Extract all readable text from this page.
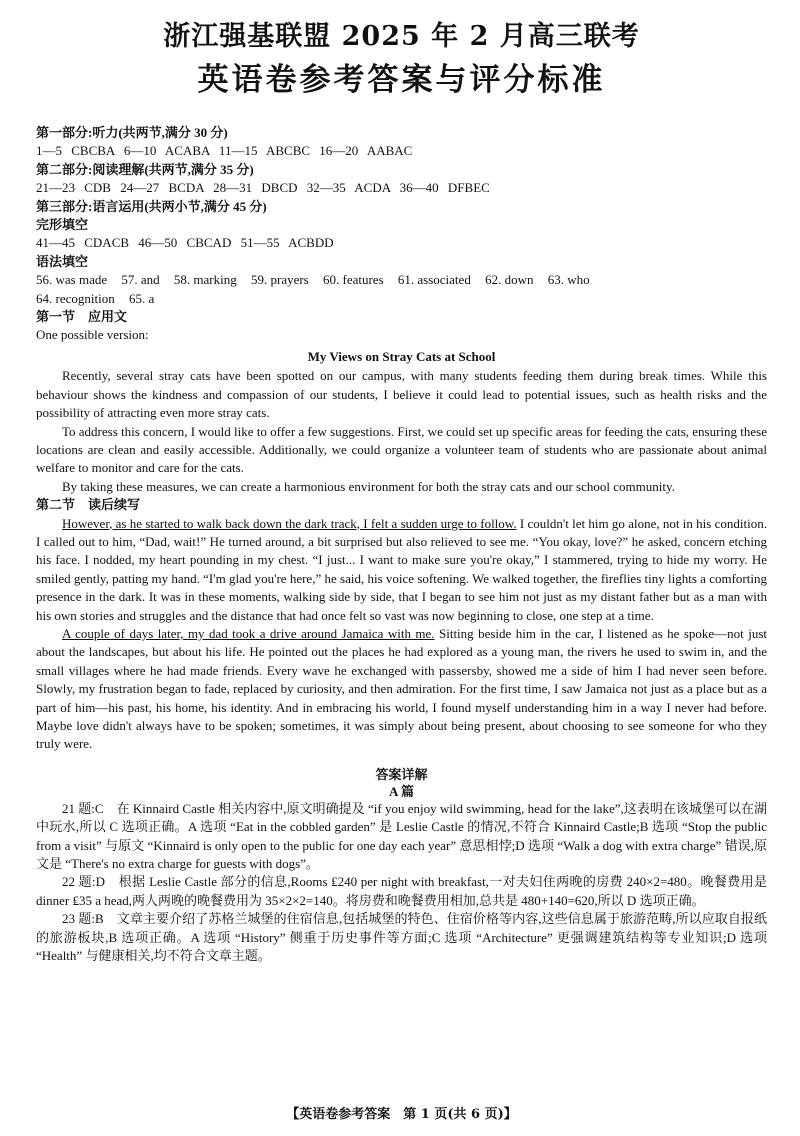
浙江强基联盟 2025 年 2 月高三联考
英语卷参考答案与评分标准
第一部分:听力(共两节,满分 30 分)
1—5 CBCBA 6—10 ACABA 11—15 ABCBC 16—20 AABAC
第二部分:阅读理解(共两节,满分 35 分)
21—23 CDB 24—27 BCDA 28—31 DBCD 32—35 ACDA 36—40 DFBEC
第三部分:语言运用(共两小节,满分 45 分)
完形填空
41—45 CDACB 46—50 CBCAD 51—55 ACBDD
语法填空
56. was made 57. and 58. marking 59. prayers 60. features 61. associated 62. down 63. who
64. recognition 65. a
第一节　应用文
One possible version:
My Views on Stray Cats at School

Recently, several stray cats have been spotted on our campus, with many students feeding them during break times. While this behaviour shows the kindness and compassion of our students, I believe it could lead to potential issues, such as health risks and the possibility of attracting even more stray cats.

To address this concern, I would like to offer a few suggestions. First, we could set up specific areas for feeding the cats, ensuring these locations are clean and easily accessible. Additionally, we could organize a volunteer team of students who are passionate about animal welfare to monitor and care for the cats.

By taking these measures, we can create a harmonious environment for both the stray cats and our school community.

第二节　读后续写

However, as he started to walk back down the dark track, I felt a sudden urge to follow. I couldn't let him go alone, not in his condition. I called out to him, “Dad, wait!” He turned around, a bit surprised but also relieved to see me. “You okay, love?” he asked, concern etching his face. I nodded, my heart pounding in my chest. “I just... I want to make sure you're okay,” I stammered, trying to hide my worry. He smiled gently, patting my hand. “I'm glad you're here,” he said, his voice softening. We walked together, the fireflies tiny lights a comforting presence in the dark. It was in these moments, walking side by side, that I began to see him not just as my distant father but as a man with his own stories and struggles and the distance that had once felt so vast was now beginning to close, one step at a time.

A couple of days later, my dad took a drive around Jamaica with me. Sitting beside him in the car, I listened as he spoke—not just about the landscapes, but about his life. He pointed out the places he had explored as a young man, the rivers he used to swim in, and the small villages where he had made friends. Every wave he exchanged with passersby, showed me a side of him I had never seen before. Slowly, my frustration began to fade, replaced by curiosity, and then admiration. For the first time, I saw Jamaica not just as a place but as a part of him—his past, his home, his identity. And in embracing his world, I found myself understanding him in a way I never had before. Maybe love didn't always have to be spoken; sometimes, it was simply about being present, about choosing to see someone for who they truly were.

答案详解
A 篇

21 题:C　在 Kinnaird Castle 相关内容中,原文明确提及 “if you enjoy wild swimming, head for the lake”,这表明在该城堡可以在湖中玩水,所以 C 选项正确。A 选项 “Eat in the cobbled garden” 是 Leslie Castle 的情况,不符合 Kinnaird Castle;B 选项 “Stop the public from a visit” 与原文 “Kinnaird is only open to the public for one day each year” 意思相悖;D 选项 “Walk a dog with extra charge” 错误,原文是 “There's no extra charge for guests with dogs”。

22 题:D　根据 Leslie Castle 部分的信息,Rooms ₤240 per night with breakfast,一对夫妇住两晚的房费 240×2=480。晚餐费用是 dinner ₤35 a head,两人两晚的晚餐费用为 35×2×2=140。将房费和晚餐费用相加,总共是 480+140=620,所以 D 选项正确。

23 题:B　文章主要介绍了苏格兰城堡的住宿信息,包括城堡的特色、住宿价格等内容,这些信息属于旅游范畴,所以应取自报纸的旅游板块,B 选项正确。A 选项 “History” 侧重于历史事件等方面;C 选项 “Architecture” 更强调建筑结构等专业知识;D 选项 “Health” 与健康相关,均不符合文章主题。

【英语卷参考答案　第 1 页(共 6 页)】
